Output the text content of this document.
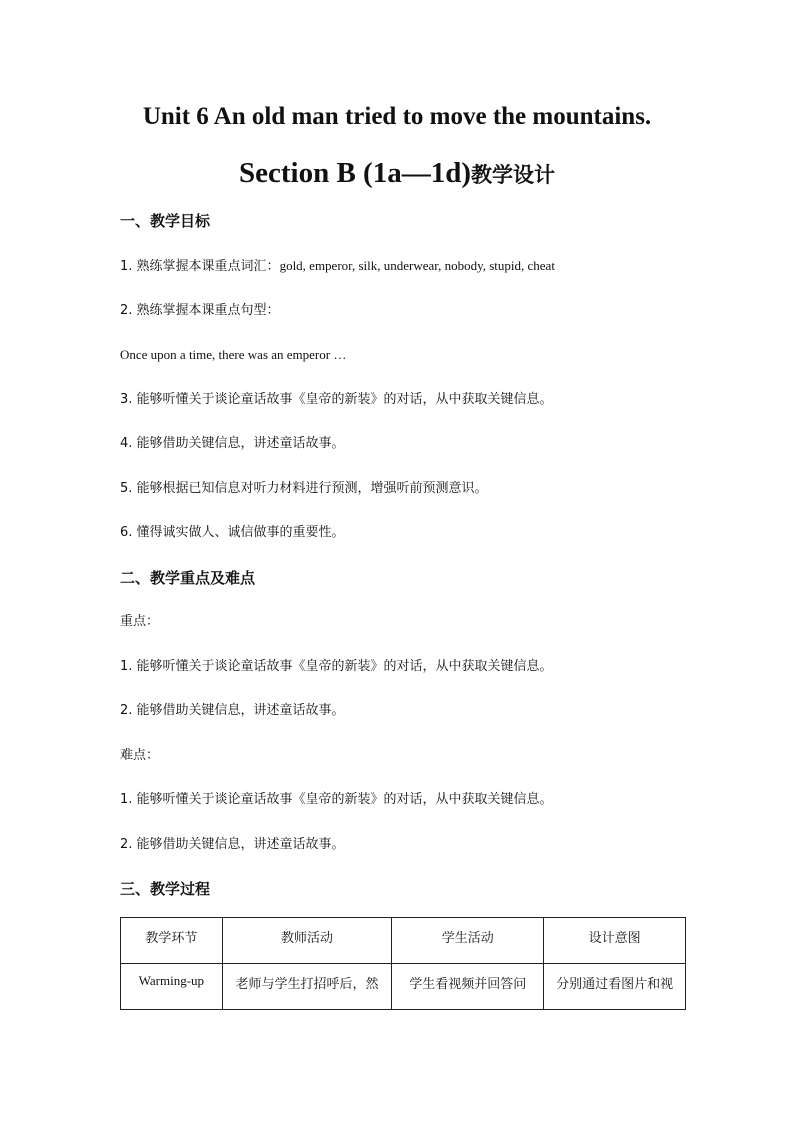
Unit 6 An old man tried to move the mountains.
Section B (1a—1d)教学设计
一、教学目标
1. 熟练掌握本课重点词汇：gold, emperor, silk, underwear, nobody, stupid, cheat
2. 熟练掌握本课重点句型：
Once upon a time, there was an emperor …
3. 能够听懂关于谈论童话故事《皇帝的新装》的对话，从中获取关键信息。
4. 能够借助关键信息，讲述童话故事。
5. 能够根据已知信息对听力材料进行预测，增强听前预测意识。
6. 懂得诚实做人、诚信做事的重要性。
二、教学重点及难点
重点：
1. 能够听懂关于谈论童话故事《皇帝的新装》的对话，从中获取关键信息。
2. 能够借助关键信息，讲述童话故事。
难点：
1. 能够听懂关于谈论童话故事《皇帝的新装》的对话，从中获取关键信息。
2. 能够借助关键信息，讲述童话故事。
三、教学过程
教学环节	教师活动	学生活动	设计意图
Warming-up	老师与学生打招呼后，然	学生看视频并回答问	分别通过看图片和视
